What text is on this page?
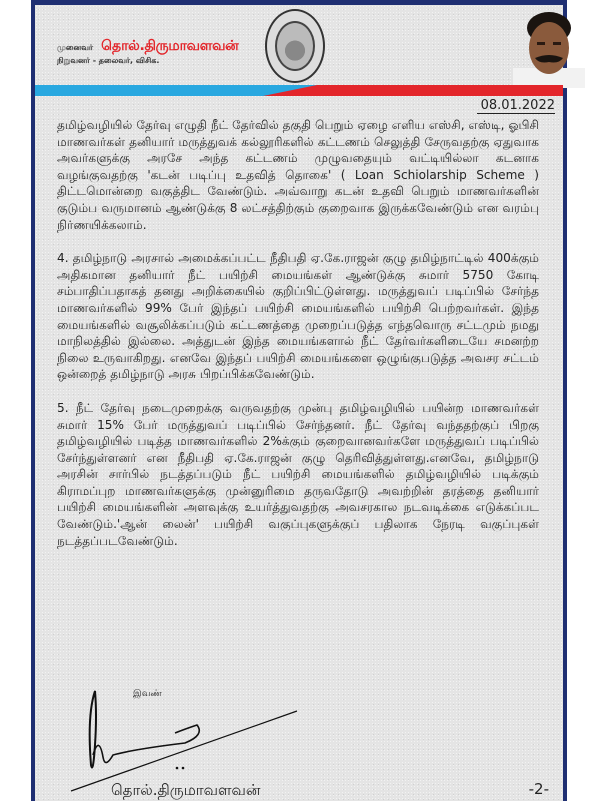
முனைவர் தொல்.திருமாவளவன்
நிறுவனர் - தலைவர், விசிக.
08.01.2022

தமிழ்வழியில் தேர்வு எழுதி நீட் தேர்வில் தகுதி பெறும் ஏழை எளிய எஸ்சி, எஸ்டி, ஓபிசி மாணவர்கள் தனியார் மருத்துவக் கல்லூரிகளில் கட்டணம் செலுத்தி சேருவதற்கு ஏதுவாக அவர்களுக்கு அரசே அந்த கட்டணம் முழுவதையும் வட்டியில்லா கடனாக வழங்குவதற்கு 'கடன் படிப்பு உதவித் தொகை' ( Loan Schiolarship Scheme ) திட்டமொன்றை வகுத்திட வேண்டும். அவ்வாறு கடன் உதவி பெறும் மாணவர்களின் குடும்ப வருமானம் ஆண்டுக்கு 8 லட்சத்திற்கும் குறைவாக இருக்கவேண்டும் என வரம்பு நிர்ணயிக்கலாம்.

4. தமிழ்நாடு அரசால் அமைக்கப்பட்ட நீதிபதி ஏ.கே.ராஜன் குழு தமிழ்நாட்டில் 400க்கும் அதிகமான தனியார் நீட் பயிற்சி மையங்கள் ஆண்டுக்கு சுமார் 5750 கோடி சம்பாதிப்பதாகத் தனது அறிக்கையில் குறிப்பிட்டுள்ளது. மருத்துவப் படிப்பில் சேர்ந்த மாணவர்களில் 99% பேர் இந்தப் பயிற்சி மையங்களில் பயிற்சி பெற்றவர்கள். இந்த மையங்களில் வசூலிக்கப்படும் கட்டணத்தை முறைப்படுத்த எந்தவொரு சட்டமும் நமது மாநிலத்தில் இல்லை. அத்துடன் இந்த மையங்களால் நீட் தேர்வர்களிடையே சமனற்ற நிலை உருவாகிறது. எனவே இந்தப் பயிற்சி மையங்களை ஒழுங்குபடுத்த அவசர சட்டம் ஒன்றைத் தமிழ்நாடு அரசு பிறப்பிக்கவேண்டும்.

5. நீட் தேர்வு நடைமுறைக்கு வருவதற்கு முன்பு தமிழ்வழியில் பயின்ற மாணவர்கள் சுமார் 15% பேர் மருத்துவப் படிப்பில் சேர்ந்தனர். நீட் தேர்வு வந்ததற்குப் பிறகு தமிழ்வழியில் படித்த மாணவர்களில் 2%க்கும் குறைவானவர்களே மருத்துவப் படிப்பில் சேர்ந்துள்ளனர் என நீதிபதி ஏ.கே.ராஜன் குழு தெரிவித்துள்ளது.எனவே, தமிழ்நாடு அரசின் சார்பில் நடத்தப்படும் நீட் பயிற்சி மையங்களில் தமிழ்வழியில் படிக்கும் கிராமப்புற மாணவர்களுக்கு முன்னுரிமை தருவதோடு அவற்றின் தரத்தை தனியார் பயிற்சி மையங்களின் அளவுக்கு உயர்த்துவதற்கு அவசரகால நடவடிக்கை எடுக்கப்பட வேண்டும்.'ஆன் லைன்' பயிற்சி வகுப்புகளுக்குப் பதிலாக நேரடி வகுப்புகள் நடத்தப்படவேண்டும்.

இவண்
தொல்.திருமாவளவன்	-2-
